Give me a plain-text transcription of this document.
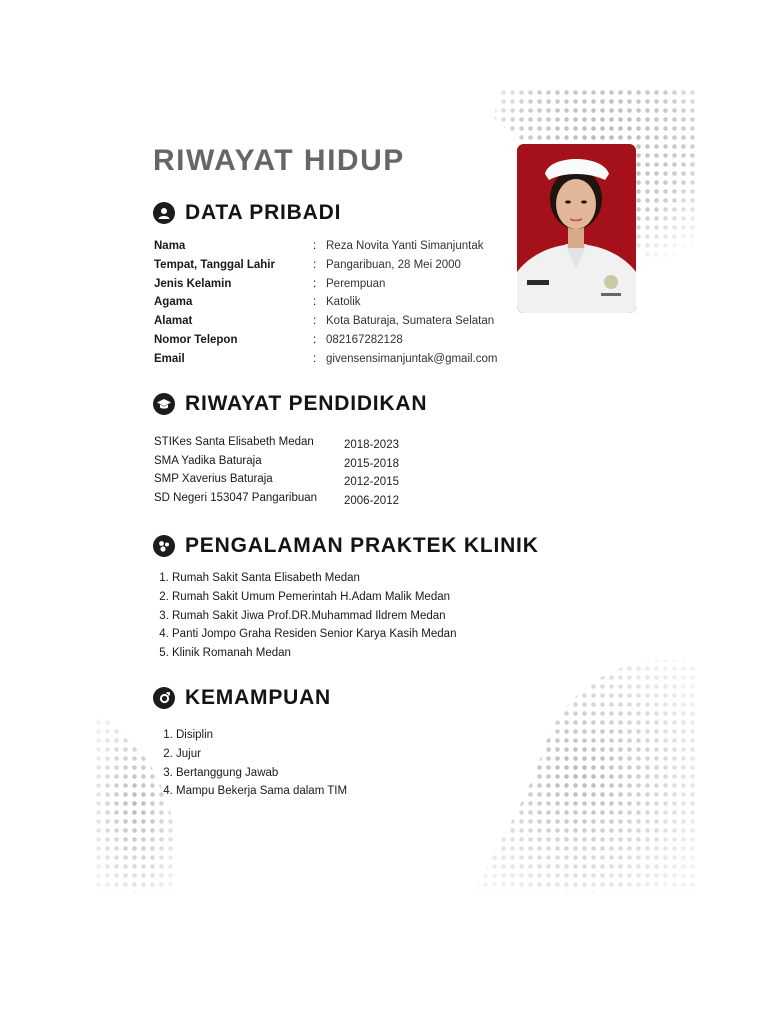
RIWAYAT HIDUP
DATA PRIBADI
Nama	: Reza Novita Yanti Simanjuntak
Tempat, Tanggal Lahir	: Pangaribuan, 28 Mei 2000
Jenis Kelamin	: Perempuan
Agama	: Katolik
Alamat	: Kota Baturaja, Sumatera Selatan
Nomor Telepon	: 082167282128
Email	: givensensimanjuntak@gmail.com
RIWAYAT PENDIDIKAN
STIKes Santa Elisabeth Medan	2018-2023
SMA Yadika Baturaja	2015-2018
SMP Xaverius Baturaja	2012-2015
SD Negeri 153047 Pangaribuan 2006-2012
PENGALAMAN PRAKTEK KLINIK
1. Rumah Sakit Santa Elisabeth Medan
2. Rumah Sakit Umum Pemerintah H.Adam Malik Medan
3. Rumah Sakit Jiwa Prof.DR.Muhammad Ildrem Medan
4. Panti Jompo Graha Residen Senior Karya Kasih Medan
5. Klinik Romanah Medan
KEMAMPUAN
1. Disiplin
2. Jujur
3. Bertanggung Jawab
4. Mampu Bekerja Sama dalam TIM
